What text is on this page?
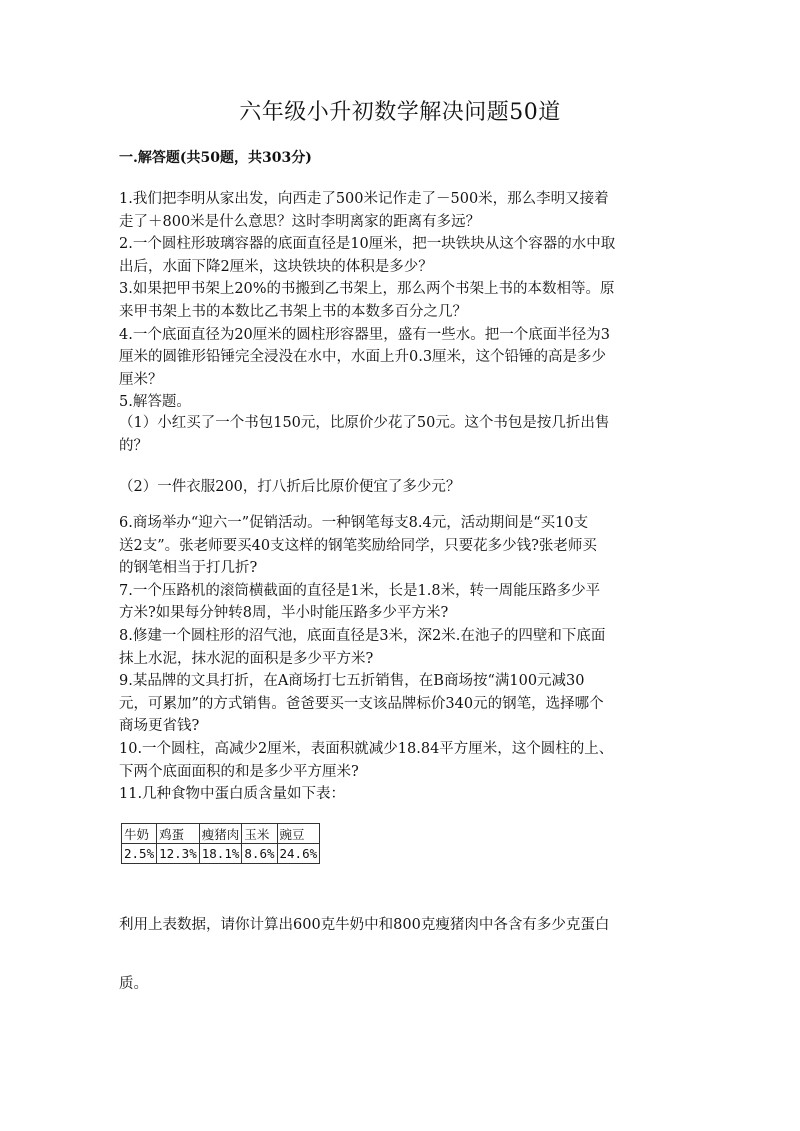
六年级小升初数学解决问题50道
一.解答题(共50题，共303分)
1.我们把李明从家出发，向西走了500米记作走了－500米，那么李明又接着
走了＋800米是什么意思？这时李明离家的距离有多远？
2.一个圆柱形玻璃容器的底面直径是10厘米，把一块铁块从这个容器的水中取
出后，水面下降2厘米，这块铁块的体积是多少？
3.如果把甲书架上20%的书搬到乙书架上，那么两个书架上书的本数相等。原
来甲书架上书的本数比乙书架上书的本数多百分之几？
4.一个底面直径为20厘米的圆柱形容器里，盛有一些水。把一个底面半径为3
厘米的圆锥形铅锤完全浸没在水中，水面上升0.3厘米，这个铅锤的高是多少
厘米？
5.解答题。
（1）小红买了一个书包150元，比原价少花了50元。这个书包是按几折出售
的？
（2）一件衣服200，打八折后比原价便宜了多少元？
6.商场举办“迎六一”促销活动。一种钢笔每支8.4元，活动期间是“买10支
送2支”。张老师要买40支这样的钢笔奖励给同学，只要花多少钱?张老师买
的钢笔相当于打几折?
7.一个压路机的滚筒横截面的直径是1米，长是1.8米，转一周能压路多少平
方米?如果每分钟转8周，半小时能压路多少平方米?
8.修建一个圆柱形的沼气池，底面直径是3米，深2米.在池子的四壁和下底面
抹上水泥，抹水泥的面积是多少平方米?
9.某品牌的文具打折，在A商场打七五折销售，在B商场按“满100元减30
元，可累加”的方式销售。爸爸要买一支该品牌标价340元的钢笔，选择哪个
商场更省钱?
10.一个圆柱，高减少2厘米，表面积就减少18.84平方厘米，这个圆柱的上、
下两个底面面积的和是多少平方厘米?
11.几种食物中蛋白质含量如下表：
牛奶	鸡蛋	瘦猪肉	玉米	豌豆
2.5%	12.3%	18.1%	8.6%	24.6%
利用上表数据，请你计算出600克牛奶中和800克瘦猪肉中各含有多少克蛋白
质。
